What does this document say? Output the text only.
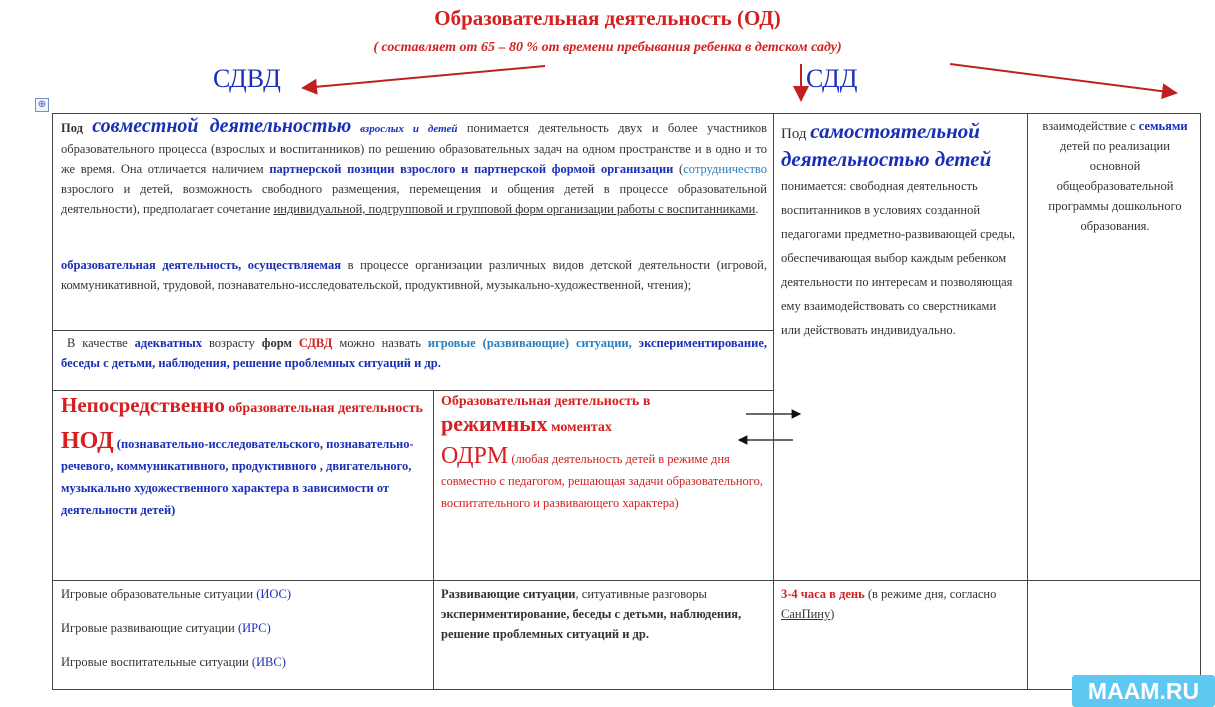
Образовательная деятельность (ОД)
( составляет от 65 – 80 % от времени пребывания ребенка в детском саду)
СДВД	СДД
⊕
Под совместной деятельностью взрослых и детей понимается деятельность двух и более участников образовательного процесса (взрослых и воспитанников) по решению образовательных задач на одном пространстве и в одно и то же время. Она отличается наличием партнерской позиции взрослого и партнерской формой организации (сотрудничество взрослого и детей, возможность свободного размещения, перемещения и общения детей в процессе образовательной деятельности), предполагает сочетание индивидуальной, подгрупповой и групповой форм организации работы с воспитанниками.
образовательная деятельность, осуществляемая в процессе организации различных видов детской деятельности (игровой, коммуникативной, трудовой, познавательно-исследовательской, продуктивной, музыкально-художественной, чтения);
В качестве адекватных возрасту форм СДВД можно назвать игровые (развивающие) ситуации, экспериментирование, беседы с детьми, наблюдения, решение проблемных ситуаций и др.
Непосредственно образовательная деятельность

НОД (познавательно-исследовательского, познавательно- речевого, коммуникативного, продуктивного , двигательного, музыкально художественного характера в зависимости от деятельности детей)
Образовательная деятельность в
режимных моментах

ОДРМ (любая деятельность детей в режиме дня совместно с педагогом, решающая задачи образовательного, воспитательного и развивающего характера)
Под самостоятельной деятельностью детей понимается: свободная деятельность воспитанников в условиях созданной педагогами предметно-развивающей среды, обеспечивающая выбор каждым ребенком деятельности по интересам и позволяющая ему взаимодействовать со сверстниками или действовать индивидуально.
взаимодействие с семьями детей по реализации основной общеобразовательной программы дошкольного образования.
Игровые образовательные ситуации (ИОС)
Игровые развивающие ситуации (ИРС)
Игровые воспитательные ситуации (ИВС)
Развивающие ситуации, ситуативные разговоры экспериментирование, беседы с детьми, наблюдения, решение проблемных ситуаций и др.
3-4 часа в день (в режиме дня, согласно СанПину)
MAAM.RU
